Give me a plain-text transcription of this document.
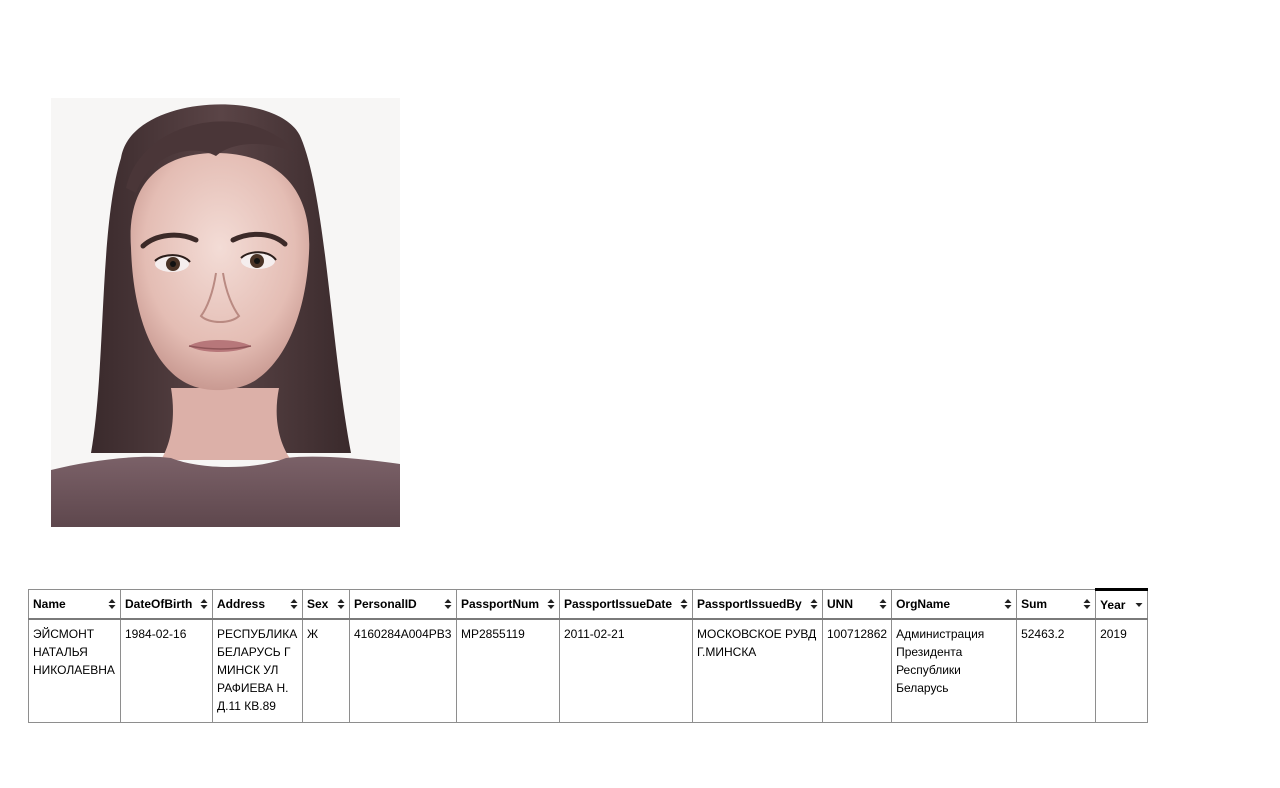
Name	DateOfBirth	Address	Sex	PersonalID	PassportNum	PassportIssueDate	PassportIssuedBy	UNN	OrgName	Sum	Year

ЭЙСМОНТ НАТАЛЬЯ НИКОЛАЕВНА	1984-02-16	РЕСПУБЛИКА БЕЛАРУСЬ Г МИНСК УЛ РАФИЕВА Н. Д.11 КВ.89	Ж	4160284A004PB3	MP2855119	2011-02-21	МОСКОВСКОЕ РУВД Г.МИНСКА	100712862	Администрация Президента Республики Беларусь	52463.2	2019
